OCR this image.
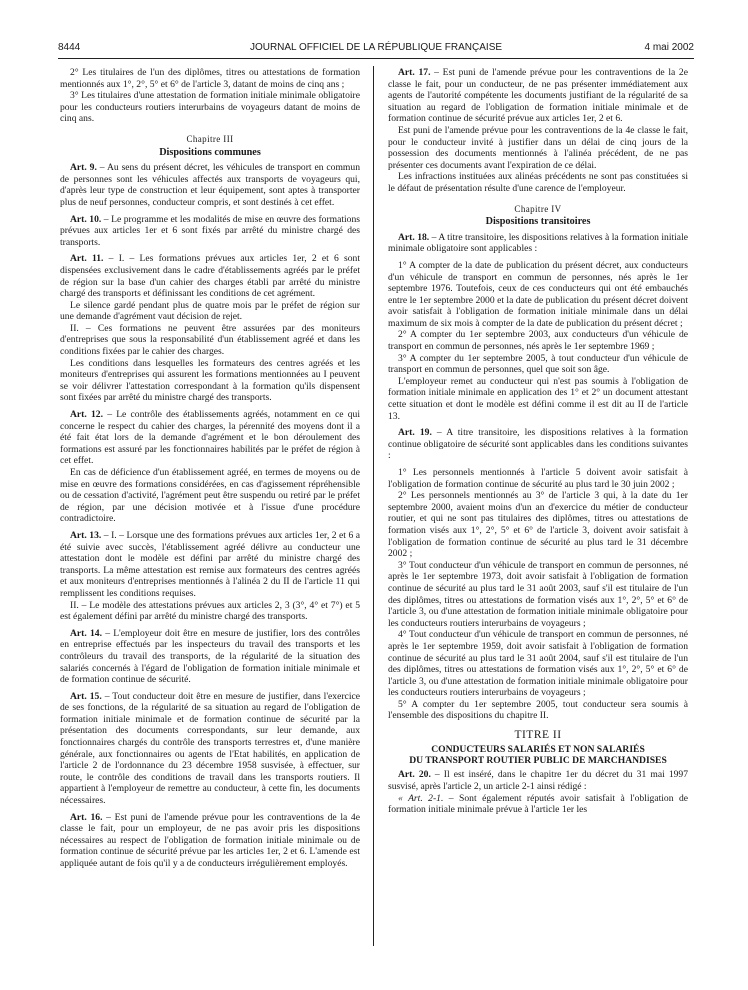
8444	JOURNAL OFFICIEL DE LA RÉPUBLIQUE FRANÇAISE	4 mai 2002

2° Les titulaires de l'un des diplômes, titres ou attestations de formation mentionnés aux 1°, 2°, 5° et 6° de l'article 3, datant de moins de cinq ans ;

3° Les titulaires d'une attestation de formation initiale minimale obligatoire pour les conducteurs routiers interurbains de voyageurs datant de moins de cinq ans.

Chapitre III
Dispositions communes

Art. 9. – Au sens du présent décret, les véhicules de transport en commun de personnes sont les véhicules affectés aux transports de voyageurs qui, d'après leur type de construction et leur équipement, sont aptes à transporter plus de neuf personnes, conducteur compris, et sont destinés à cet effet.

Art. 10. – Le programme et les modalités de mise en œuvre des formations prévues aux articles 1er et 6 sont fixés par arrêté du ministre chargé des transports.

Art. 11. – I. – Les formations prévues aux articles 1er, 2 et 6 sont dispensées exclusivement dans le cadre d'établissements agréés par le préfet de région sur la base d'un cahier des charges établi par arrêté du ministre chargé des transports et définissant les conditions de cet agrément.

Le silence gardé pendant plus de quatre mois par le préfet de région sur une demande d'agrément vaut décision de rejet.

II. – Ces formations ne peuvent être assurées par des moniteurs d'entreprises que sous la responsabilité d'un établissement agréé et dans les conditions fixées par le cahier des charges.

Les conditions dans lesquelles les formateurs des centres agréés et les moniteurs d'entreprises qui assurent les formations mentionnées au I peuvent se voir délivrer l'attestation correspondant à la formation qu'ils dispensent sont fixées par arrêté du ministre chargé des transports.

Art. 12. – Le contrôle des établissements agréés, notamment en ce qui concerne le respect du cahier des charges, la pérennité des moyens dont il a été fait état lors de la demande d'agrément et le bon déroulement des formations est assuré par les fonctionnaires habilités par le préfet de région à cet effet.

En cas de déficience d'un établissement agréé, en termes de moyens ou de mise en œuvre des formations considérées, en cas d'agissement répréhensible ou de cessation d'activité, l'agrément peut être suspendu ou retiré par le préfet de région, par une décision motivée et à l'issue d'une procédure contradictoire.

Art. 13. – I. – Lorsque une des formations prévues aux articles 1er, 2 et 6 a été suivie avec succès, l'établissement agréé délivre au conducteur une attestation dont le modèle est défini par arrêté du ministre chargé des transports. La même attestation est remise aux formateurs des centres agréés et aux moniteurs d'entreprises mentionnés à l'alinéa 2 du II de l'article 11 qui remplissent les conditions requises.

II. – Le modèle des attestations prévues aux articles 2, 3 (3°, 4° et 7°) et 5 est également défini par arrêté du ministre chargé des transports.

Art. 14. – L'employeur doit être en mesure de justifier, lors des contrôles en entreprise effectués par les inspecteurs du travail des transports et les contrôleurs du travail des transports, de la régularité de la situation des salariés concernés à l'égard de l'obligation de formation initiale minimale et de formation continue de sécurité.

Art. 15. – Tout conducteur doit être en mesure de justifier, dans l'exercice de ses fonctions, de la régularité de sa situation au regard de l'obligation de formation initiale minimale et de formation continue de sécurité par la présentation des documents correspondants, sur leur demande, aux fonctionnaires chargés du contrôle des transports terrestres et, d'une manière générale, aux fonctionnaires ou agents de l'Etat habilités, en application de l'article 2 de l'ordonnance du 23 décembre 1958 susvisée, à effectuer, sur route, le contrôle des conditions de travail dans les transports routiers. Il appartient à l'employeur de remettre au conducteur, à cette fin, les documents nécessaires.

Art. 16. – Est puni de l'amende prévue pour les contraventions de la 4e classe le fait, pour un employeur, de ne pas avoir pris les dispositions nécessaires au respect de l'obligation de formation initiale minimale ou de formation continue de sécurité prévue par les articles 1er, 2 et 6. L'amende est appliquée autant de fois qu'il y a de conducteurs irrégulièrement employés.

Art. 17. – Est puni de l'amende prévue pour les contraventions de la 2e classe le fait, pour un conducteur, de ne pas présenter immédiatement aux agents de l'autorité compétente les documents justifiant de la régularité de sa situation au regard de l'obligation de formation initiale minimale et de formation continue de sécurité prévue aux articles 1er, 2 et 6.

Est puni de l'amende prévue pour les contraventions de la 4e classe le fait, pour le conducteur invité à justifier dans un délai de cinq jours de la possession des documents mentionnés à l'alinéa précédent, de ne pas présenter ces documents avant l'expiration de ce délai.

Les infractions instituées aux alinéas précédents ne sont pas constituées si le défaut de présentation résulte d'une carence de l'employeur.

Chapitre IV
Dispositions transitoires

Art. 18. – A titre transitoire, les dispositions relatives à la formation initiale minimale obligatoire sont applicables :

1° A compter de la date de publication du présent décret, aux conducteurs d'un véhicule de transport en commun de personnes, nés après le 1er septembre 1976. Toutefois, ceux de ces conducteurs qui ont été embauchés entre le 1er septembre 2000 et la date de publication du présent décret doivent avoir satisfait à l'obligation de formation initiale minimale dans un délai maximum de six mois à compter de la date de publication du présent décret ;

2° A compter du 1er septembre 2003, aux conducteurs d'un véhicule de transport en commun de personnes, nés après le 1er septembre 1969 ;

3° A compter du 1er septembre 2005, à tout conducteur d'un véhicule de transport en commun de personnes, quel que soit son âge.

L'employeur remet au conducteur qui n'est pas soumis à l'obligation de formation initiale minimale en application des 1° et 2° un document attestant cette situation et dont le modèle est défini comme il est dit au II de l'article 13.

Art. 19. – A titre transitoire, les dispositions relatives à la formation continue obligatoire de sécurité sont applicables dans les conditions suivantes :

1° Les personnels mentionnés à l'article 5 doivent avoir satisfait à l'obligation de formation continue de sécurité au plus tard le 30 juin 2002 ;

2° Les personnels mentionnés au 3° de l'article 3 qui, à la date du 1er septembre 2000, avaient moins d'un an d'exercice du métier de conducteur routier, et qui ne sont pas titulaires des diplômes, titres ou attestations de formation visés aux 1°, 2°, 5° et 6° de l'article 3, doivent avoir satisfait à l'obligation de formation continue de sécurité au plus tard le 31 décembre 2002 ;

3° Tout conducteur d'un véhicule de transport en commun de personnes, né après le 1er septembre 1973, doit avoir satisfait à l'obligation de formation continue de sécurité au plus tard le 31 août 2003, sauf s'il est titulaire de l'un des diplômes, titres ou attestations de formation visés aux 1°, 2°, 5° et 6° de l'article 3, ou d'une attestation de formation initiale minimale obligatoire pour les conducteurs routiers interurbains de voyageurs ;

4° Tout conducteur d'un véhicule de transport en commun de personnes, né après le 1er septembre 1959, doit avoir satisfait à l'obligation de formation continue de sécurité au plus tard le 31 août 2004, sauf s'il est titulaire de l'un des diplômes, titres ou attestations de formation visés aux 1°, 2°, 5° et 6° de l'article 3, ou d'une attestation de formation initiale minimale obligatoire pour les conducteurs routiers interurbains de voyageurs ;

5° A compter du 1er septembre 2005, tout conducteur sera soumis à l'ensemble des dispositions du chapitre II.

TITRE II
CONDUCTEURS SALARIÉS ET NON SALARIÉS
DU TRANSPORT ROUTIER PUBLIC DE MARCHANDISES

Art. 20. – Il est inséré, dans le chapitre 1er du décret du 31 mai 1997 susvisé, après l'article 2, un article 2-1 ainsi rédigé :

« Art. 2-1. – Sont également réputés avoir satisfait à l'obligation de formation initiale minimale prévue à l'article 1er les
